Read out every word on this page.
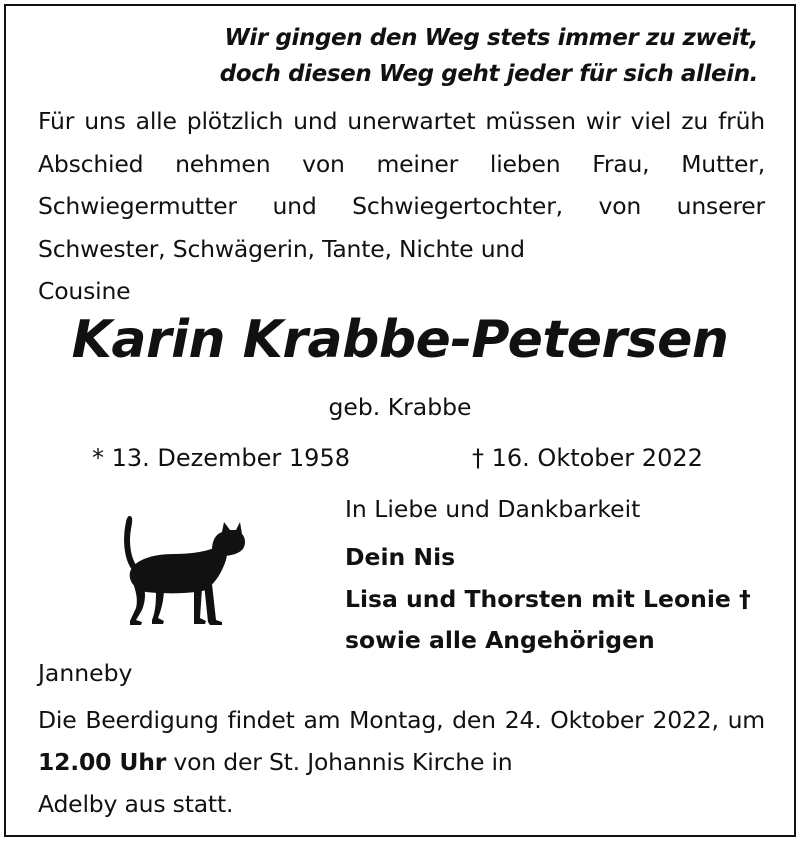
Wir gingen den Weg stets immer zu zweit,
doch diesen Weg geht jeder für sich allein.
Für uns alle plötzlich und unerwartet müssen wir viel zu früh Abschied nehmen von meiner lieben Frau, Mutter, Schwiegermutter und Schwiegertochter, von unserer Schwester, Schwägerin, Tante, Nichte und
Cousine
Karin Krabbe-Petersen
geb. Krabbe
* 13. Dezember 1958	† 16. Oktober 2022
In Liebe und Dankbarkeit
Dein Nis
Lisa und Thorsten mit Leonie †
sowie alle Angehörigen
Janneby
Die Beerdigung findet am Montag, den 24. Oktober 2022, um 12.00 Uhr von der St. Johannis Kirche in
Adelby aus statt.
